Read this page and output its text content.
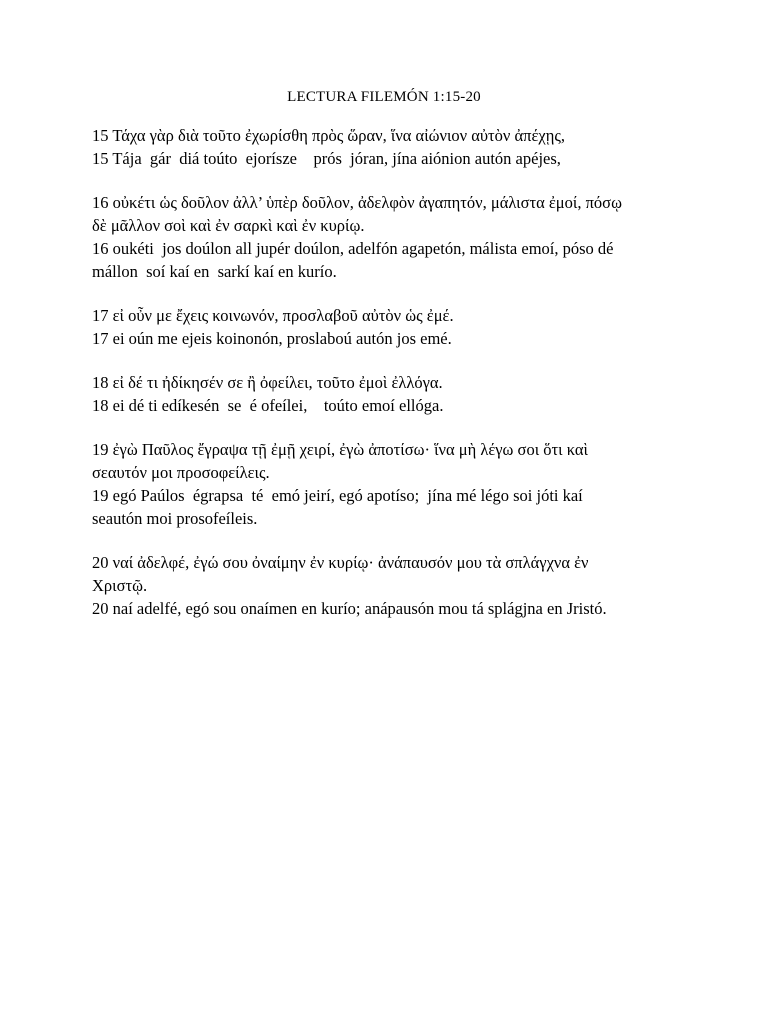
LECTURA FILEMÓN 1:15-20
15 Τάχα γὰρ διὰ τοῦτο ἐχωρίσθη πρὸς ὥραν, ἵνα αἰώνιον αὐτὸν ἀπέχῃς,
15 Tája  gár  diá toúto  ejorísze    prós  jóran, jína aiónion autón apéjes,
16 οὐκέτι ὡς δοῦλον ἀλλ’ ὑπὲρ δοῦλον, ἀδελφὸν ἀγαπητόν, μάλιστα ἐμοί, πόσῳ
δὲ μᾶλλον σοὶ καὶ ἐν σαρκὶ καὶ ἐν κυρίῳ.
16 oukéti  jos doúlon all jupér doúlon, adelfón agapetón, málista emoí, póso dé
mállon  soí kaí en  sarkí kaí en kurío.
17 εἰ οὖν με ἔχεις κοινωνόν, προσλαβοῦ αὐτὸν ὡς ἐμέ.
17 ei oún me ejeis koinonón, proslaboú autón jos emé.
18 εἰ δέ τι ἠδίκησέν σε ἢ ὀφείλει, τοῦτο ἐμοὶ ἐλλόγα.
18 ei dé ti edíkesén  se  é ofeílei,    toúto emoí ellóga.
19 ἐγὼ Παῦλος ἔγραψα τῇ ἐμῇ χειρί, ἐγὼ ἀποτίσω· ἵνα μὴ λέγω σοι ὅτι καὶ
σεαυτόν μοι προσοφείλεις.
19 egó Paúlos  égrapsa  té  emó jeirí, egó apotíso;  jína mé légo soi jóti kaí
seautón moi prosofeíleis.
20 ναί ἀδελφέ, ἐγώ σου ὀναίμην ἐν κυρίῳ· ἀνάπαυσόν μου τὰ σπλάγχνα ἐν
Χριστῷ.
20 naí adelfé, egó sou onaímen en kurío; anápausón mou tá splágjna en Jristó.
